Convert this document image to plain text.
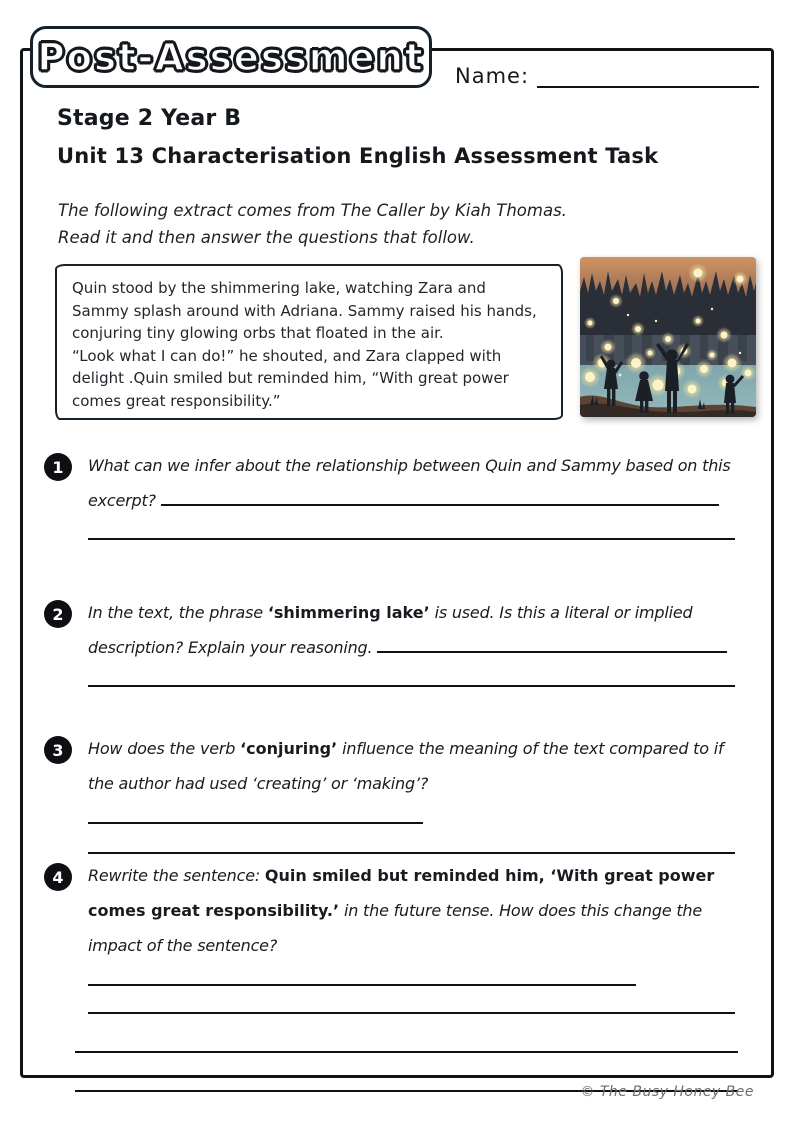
Post-Assessment Name:
Stage 2 Year B
Unit 13 Characterisation English Assessment Task
The following extract comes from The Caller by Kiah Thomas.
Read it and then answer the questions that follow.
Quin stood by the shimmering lake, watching Zara and Sammy splash around with Adriana. Sammy raised his hands, conjuring tiny glowing orbs that floated in the air.
“Look what I can do!” he shouted, and Zara clapped with delight .Quin smiled but reminded him, “With great power comes great responsibility.”
1	What can we infer about the relationship between Quin and Sammy based on this excerpt?
2	In the text, the phrase ‘shimmering lake’ is used. Is this a literal or implied description? Explain your reasoning.
3	How does the verb ‘conjuring’ influence the meaning of the text compared to if the author had used ‘creating’ or ‘making’?
4	Rewrite the sentence: Quin smiled but reminded him, ‘With great power comes great responsibility.’ in the future tense. How does this change the impact of the sentence?
© The Busy Honey Bee
